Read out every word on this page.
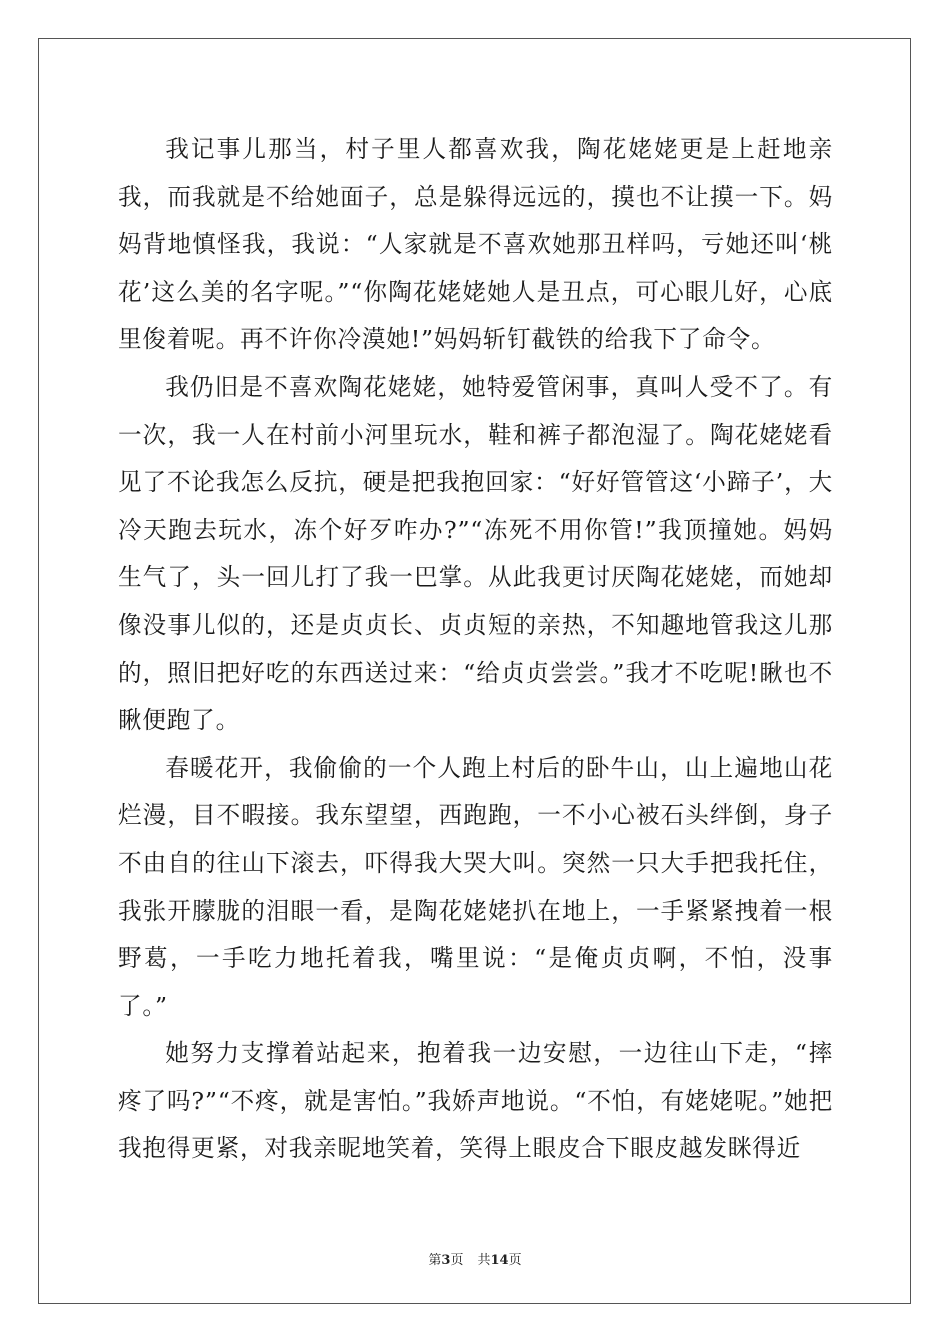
我记事儿那当，村子里人都喜欢我，陶花姥姥更是上赶地亲我，而我就是不给她面子，总是躲得远远的，摸也不让摸一下。妈妈背地慎怪我，我说：“人家就是不喜欢她那丑样吗，亏她还叫‘桃花’这么美的名字呢。”“你陶花姥姥她人是丑点，可心眼儿好，心底里俊着呢。再不许你冷漠她!”妈妈斩钉截铁的给我下了命令。

我仍旧是不喜欢陶花姥姥，她特爱管闲事，真叫人受不了。有一次，我一人在村前小河里玩水，鞋和裤子都泡湿了。陶花姥姥看见了不论我怎么反抗，硬是把我抱回家：“好好管管这‘小蹄子’，大冷天跑去玩水，冻个好歹咋办?”“冻死不用你管!”我顶撞她。妈妈生气了，头一回儿打了我一巴掌。从此我更讨厌陶花姥姥，而她却像没事儿似的，还是贞贞长、贞贞短的亲热，不知趣地管我这儿那的，照旧把好吃的东西送过来：“给贞贞尝尝。”我才不吃呢!瞅也不瞅便跑了。

春暖花开，我偷偷的一个人跑上村后的卧牛山，山上遍地山花烂漫，目不暇接。我东望望，西跑跑，一不小心被石头绊倒，身子不由自的往山下滚去，吓得我大哭大叫。突然一只大手把我托住，我张开朦胧的泪眼一看，是陶花姥姥扒在地上，一手紧紧拽着一根野葛，一手吃力地托着我，嘴里说：“是俺贞贞啊，不怕，没事了。”

她努力支撑着站起来，抱着我一边安慰，一边往山下走，“摔疼了吗?”“不疼，就是害怕。”我娇声地说。“不怕，有姥姥呢。”她把我抱得更紧，对我亲昵地笑着，笑得上眼皮合下眼皮越发眯得近

第3页 共14页
